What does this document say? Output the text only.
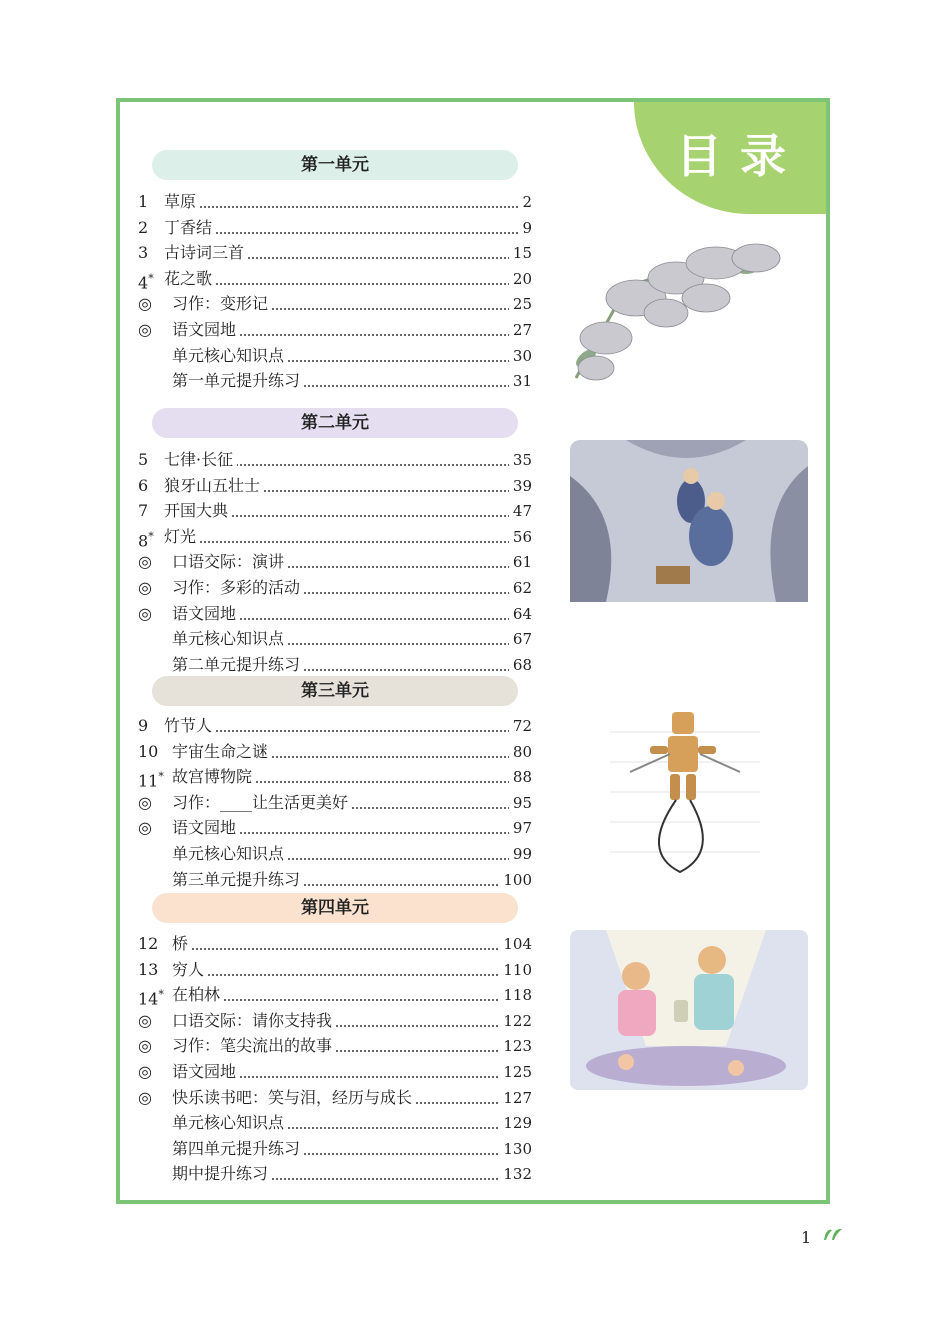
目录
第一单元
1 草原	2
2 丁香结	9
3 古诗词三首	15
4* 花之歌	20
◎	习作：变形记	25
◎	语文园地	27
单元核心知识点	30
第一单元提升练习	31
第二单元
5 七律·长征	35
6 狼牙山五壮士	39
7 开国大典	47
8* 灯光	56
◎	口语交际：演讲	61
◎	习作：多彩的活动	62
◎	语文园地	64
单元核心知识点	67
第二单元提升练习	68
第三单元
9 竹节人	72
10 宇宙生命之谜	80
11* 故宫博物院	88
◎	习作：____让生活更美好	95
◎	语文园地	97
单元核心知识点	99
第三单元提升练习	100
第四单元
12 桥	104
13 穷人	110
14* 在柏林	118
◎	口语交际：请你支持我	122
◎	习作：笔尖流出的故事	123
◎	语文园地	125
◎	快乐读书吧：笑与泪，经历与成长	127
单元核心知识点	129
第四单元提升练习	130
期中提升练习	132
1
